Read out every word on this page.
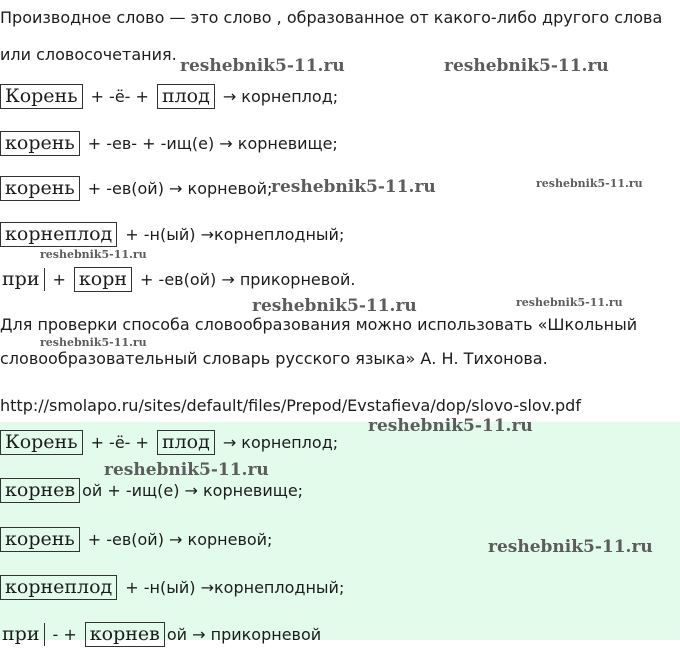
Производное слово — это слово , образованное от какого-либо другого слова
или словосочетания.
Корень + -ё- + плод → корнеплод;
корень + -ев- + -ищ(е) → корневище;
корень + -ев(ой) → корневой;
корнеплод + -н(ый) →корнеплодный;
при + корн + -ев(ой) → прикорневой.
Для проверки способа словообразования можно использовать «Школьный
словообразовательный словарь русского языка» А. Н. Тихонова.
http://smolapo.ru/sites/default/files/Prepod/Evstafieva/dop/slovo-slov.pdf
Корень + -ё- + плод → корнеплод;
корнев ой + -ищ(е) → корневище;
корень + -ев(ой) → корневой;
корнеплод + -н(ый) →корнеплодный;
при - + корнев ой → прикорневой
reshebnik5-11.ru	reshebnik5-11.ru
reshebnik5-11.ru	reshebnik5-11.ru
reshebnik5-11.ru
reshebnik5-11.ru	reshebnik5-11.ru
reshebnik5-11.ru
reshebnik5-11.ru
reshebnik5-11.ru
reshebnik5-11.ru
